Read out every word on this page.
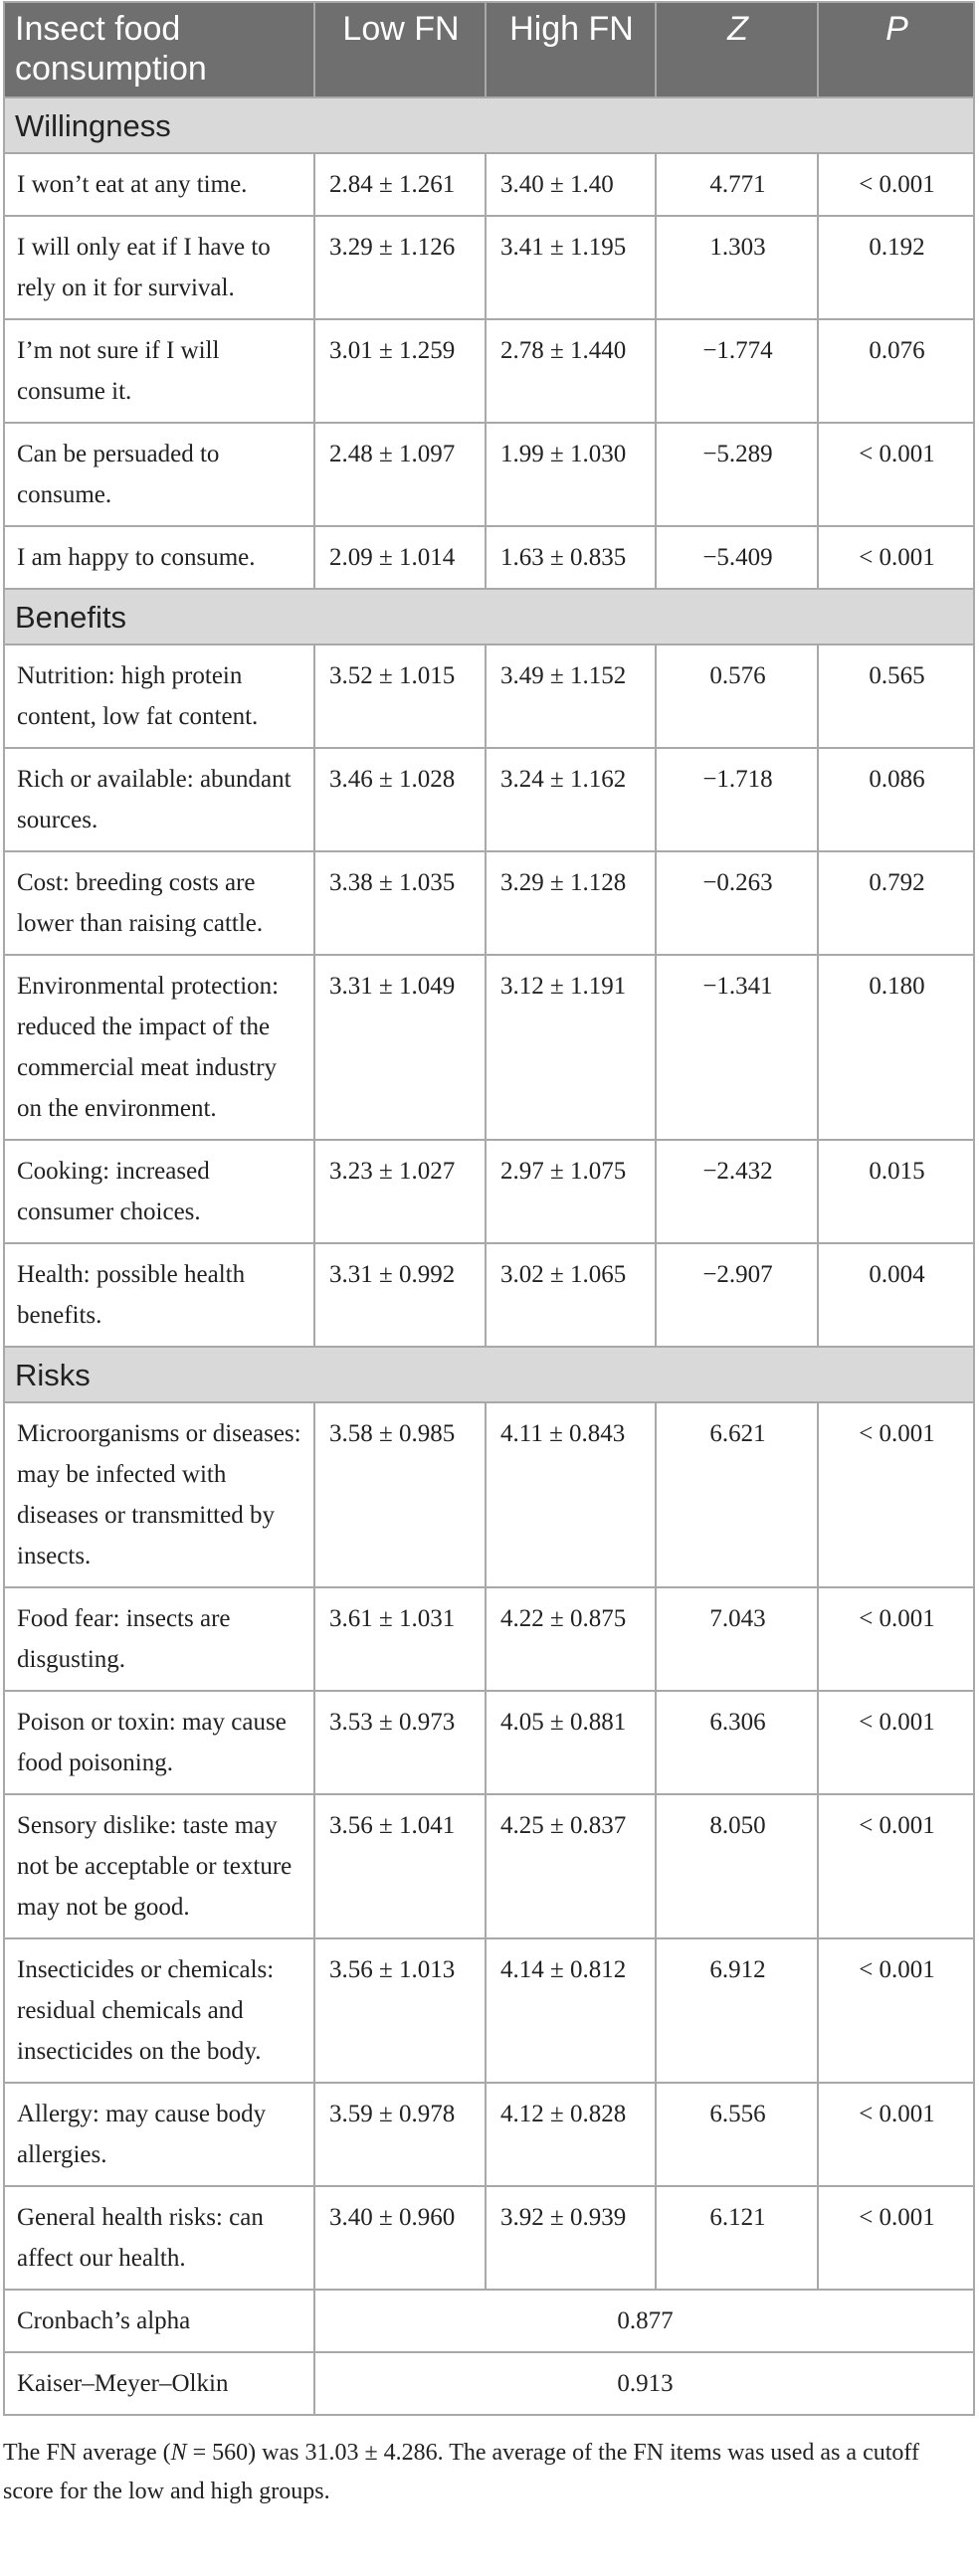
Insect food consumption	Low FN	High FN	Z	P
Willingness				
I won’t eat at any time.	2.84 ± 1.261	3.40 ± 1.40	4.771	< 0.001
I will only eat if I have to rely on it for survival.	3.29 ± 1.126	3.41 ± 1.195	1.303	0.192
I’m not sure if I will consume it.	3.01 ± 1.259	2.78 ± 1.440	−1.774	0.076
Can be persuaded to consume.	2.48 ± 1.097	1.99 ± 1.030	−5.289	< 0.001
I am happy to consume.	2.09 ± 1.014	1.63 ± 0.835	−5.409	< 0.001
Benefits				
Nutrition: high protein content, low fat content.	3.52 ± 1.015	3.49 ± 1.152	0.576	0.565
Rich or available: abundant sources.	3.46 ± 1.028	3.24 ± 1.162	−1.718	0.086
Cost: breeding costs are lower than raising cattle.	3.38 ± 1.035	3.29 ± 1.128	−0.263	0.792
Environmental protection: reduced the impact of the commercial meat industry on the environment.	3.31 ± 1.049	3.12 ± 1.191	−1.341	0.180
Cooking: increased consumer choices.	3.23 ± 1.027	2.97 ± 1.075	−2.432	0.015
Health: possible health benefits.	3.31 ± 0.992	3.02 ± 1.065	−2.907	0.004
Risks				
Microorganisms or diseases: may be infected with diseases or transmitted by insects.	3.58 ± 0.985	4.11 ± 0.843	6.621	< 0.001
Food fear: insects are disgusting.	3.61 ± 1.031	4.22 ± 0.875	7.043	< 0.001
Poison or toxin: may cause food poisoning.	3.53 ± 0.973	4.05 ± 0.881	6.306	< 0.001
Sensory dislike: taste may not be acceptable or texture may not be good.	3.56 ± 1.041	4.25 ± 0.837	8.050	< 0.001
Insecticides or chemicals: residual chemicals and insecticides on the body.	3.56 ± 1.013	4.14 ± 0.812	6.912	< 0.001
Allergy: may cause body allergies.	3.59 ± 0.978	4.12 ± 0.828	6.556	< 0.001
General health risks: can affect our health.	3.40 ± 0.960	3.92 ± 0.939	6.121	< 0.001
Cronbach’s alpha	0.877			
Kaiser–Meyer–Olkin	0.913			
The FN average (N = 560) was 31.03 ± 4.286. The average of the FN items was used as a cutoff score for the low and high groups.
